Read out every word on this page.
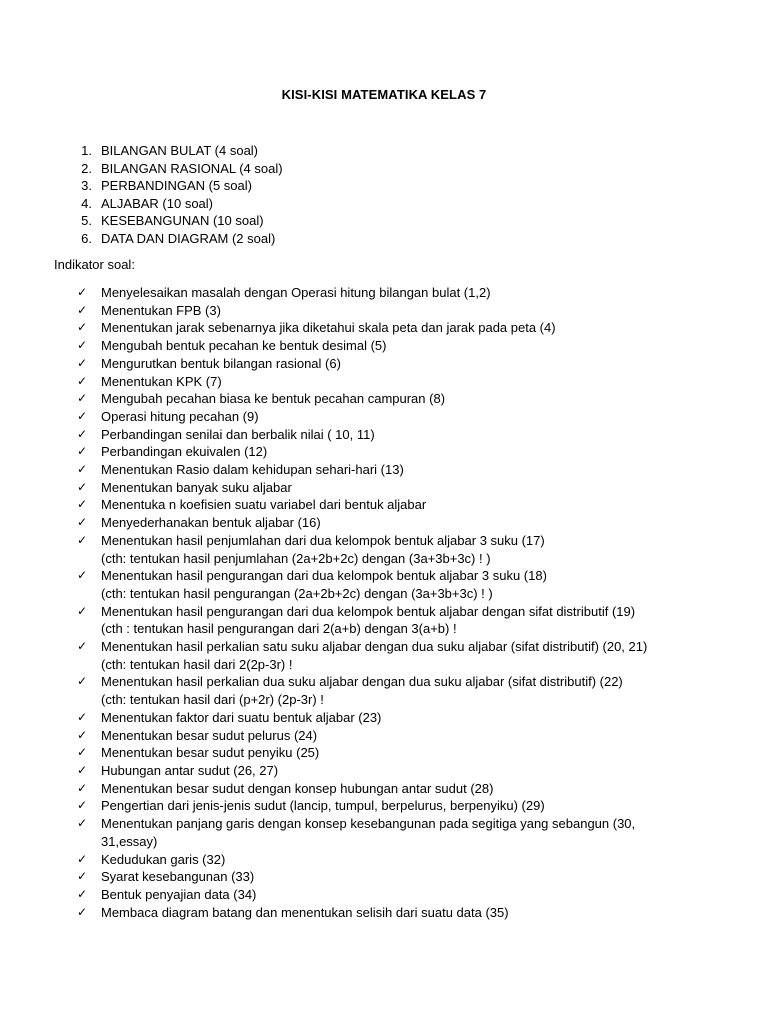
KISI-KISI MATEMATIKA KELAS 7
1. BILANGAN BULAT (4 soal)
2. BILANGAN RASIONAL (4 soal)
3. PERBANDINGAN (5 soal)
4. ALJABAR (10 soal)
5. KESEBANGUNAN (10 soal)
6. DATA DAN DIAGRAM (2 soal)
Indikator soal:
✓ Menyelesaikan masalah dengan Operasi hitung bilangan bulat (1,2)
✓ Menentukan FPB (3)
✓ Menentukan jarak sebenarnya jika diketahui skala peta dan jarak pada peta (4)
✓ Mengubah bentuk pecahan ke bentuk desimal (5)
✓ Mengurutkan bentuk bilangan rasional (6)
✓ Menentukan KPK (7)
✓ Mengubah pecahan biasa ke bentuk pecahan campuran (8)
✓ Operasi hitung pecahan (9)
✓ Perbandingan senilai dan berbalik nilai ( 10, 11)
✓ Perbandingan ekuivalen (12)
✓ Menentukan Rasio dalam kehidupan sehari-hari (13)
✓ Menentukan banyak suku aljabar
✓ Menentuka n koefisien suatu variabel dari bentuk aljabar
✓ Menyederhanakan bentuk aljabar (16)
✓ Menentukan hasil penjumlahan dari dua kelompok bentuk aljabar 3 suku (17)
(cth: tentukan hasil penjumlahan (2a+2b+2c) dengan (3a+3b+3c) ! )
✓ Menentukan hasil pengurangan dari dua kelompok bentuk aljabar 3 suku (18)
(cth: tentukan hasil pengurangan (2a+2b+2c) dengan (3a+3b+3c) ! )
✓ Menentukan hasil pengurangan dari dua kelompok bentuk aljabar dengan sifat distributif (19)
(cth : tentukan hasil pengurangan dari 2(a+b) dengan 3(a+b) !
✓ Menentukan hasil perkalian satu suku aljabar dengan dua suku aljabar (sifat distributif) (20, 21)
(cth: tentukan hasil dari 2(2p-3r) !
✓ Menentukan hasil perkalian dua suku aljabar dengan dua suku aljabar (sifat distributif) (22)
(cth: tentukan hasil dari (p+2r) (2p-3r) !
✓ Menentukan faktor dari suatu bentuk aljabar (23)
✓ Menentukan besar sudut pelurus (24)
✓ Menentukan besar sudut penyiku (25)
✓ Hubungan antar sudut (26, 27)
✓ Menentukan besar sudut dengan konsep hubungan antar sudut (28)
✓ Pengertian dari jenis-jenis sudut (lancip, tumpul, berpelurus, berpenyiku) (29)
✓ Menentukan panjang garis dengan konsep kesebangunan pada segitiga yang sebangun (30,
31,essay)
✓ Kedudukan garis (32)
✓ Syarat kesebangunan (33)
✓ Bentuk penyajian data (34)
✓ Membaca diagram batang dan menentukan selisih dari suatu data (35)
